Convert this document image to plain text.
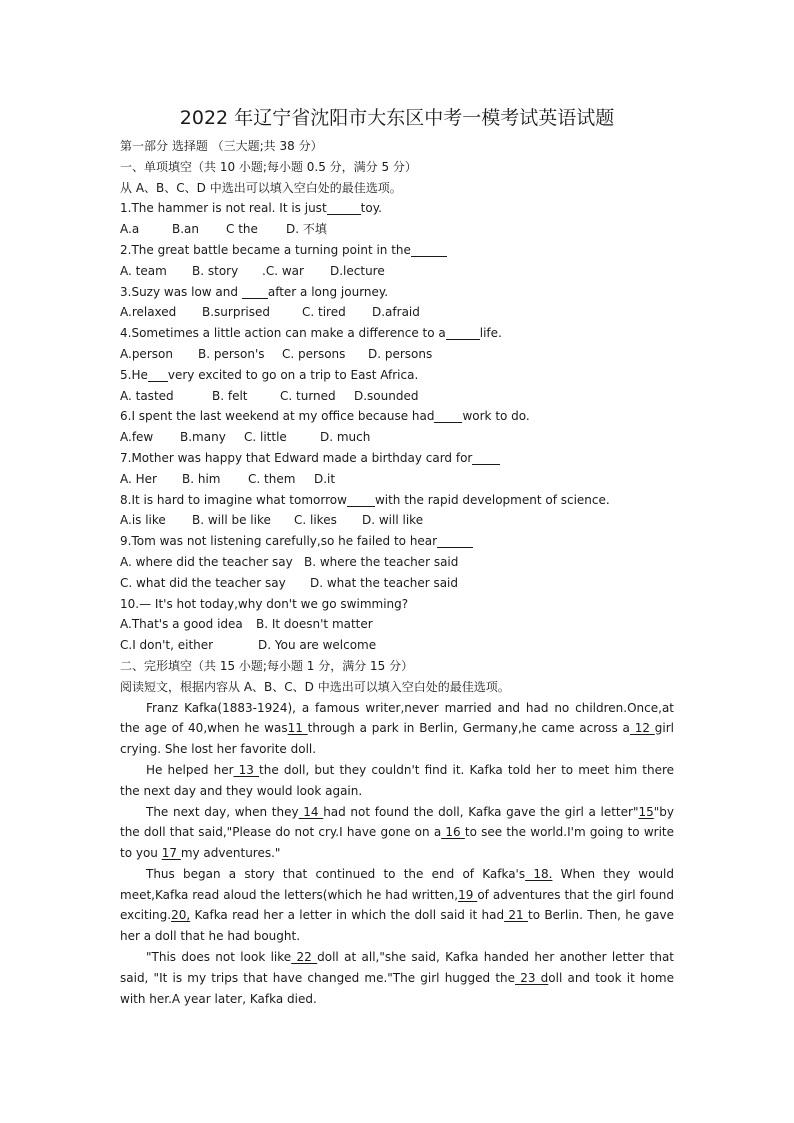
2022 年辽宁省沈阳市大东区中考一模考试英语试题
第一部分 选择题 （三大题;共 38 分）
一、单项填空（共 10 小题;每小题 0.5 分，满分 5 分）
从 A、B、C、D 中选出可以填入空白处的最佳选项。
1.The hammer is not real. It is just	toy.
A.a	B.an	C the	D. 不填
2.The great battle became a turning point in the
A. team	B. story	.C. war	D.lecture
3.Suzy was low and after a long journey.
A.relaxed	B.surprised	C. tired	D.afraid
4.Sometimes a little action can make a difference to a	life.
A.person	B. person's	C. persons	D. persons
5.He very excited to go on a trip to East Africa.
A. tasted	B. felt	C. turned	D.sounded
6.I spent the last weekend at my office because had work to do.
A.few	B.many	C. little	D. much
7.Mother was happy that Edward made a birthday card for
A. Her	B. him	C. them	D.it
8.It is hard to imagine what tomorrow with the rapid development of science.
A.is like	B. will be like	C. likes	D. will like
9.Tom was not listening carefully,so he failed to hear
A. where did the teacher say B. where the teacher said
C. what did the teacher say	D. what the teacher said
10.— It's hot today,why don't we go swimming?
A.That's a good idea	B. It doesn't matter
C.I don't, either	D. You are welcome
二、完形填空（共 15 小题;每小题 1 分，满分 15 分）
阅读短文，根据内容从 A、B、C、D 中选出可以填入空白处的最佳选项。
Franz Kafka(1883-1924), a famous writer,never married and had no children.Once,at the age of 40,when he was11 through a park in Berlin, Germany,he came across a 12 girl crying. She lost her favorite doll.
He helped her 13 the doll, but they couldn't find it. Kafka told her to meet him there the next day and they would look again.
The next day, when they 14 had not found the doll, Kafka gave the girl a letter"15"by the doll that said,"Please do not cry.I have gone on a 16 to see the world.I'm going to write to you 17 my adventures."
Thus began a story that continued to the end of Kafka's 18. When they would meet,Kafka read aloud the letters(which he had written,19 of adventures that the girl found exciting.20, Kafka read her a letter in which the doll said it had 21 to Berlin. Then, he gave her a doll that he had bought.
"This does not look like 22 doll at all,"she said, Kafka handed her another letter that said, "It is my trips that have changed me."The girl hugged the 23 doll and took it home with her.A year later, Kafka died.
